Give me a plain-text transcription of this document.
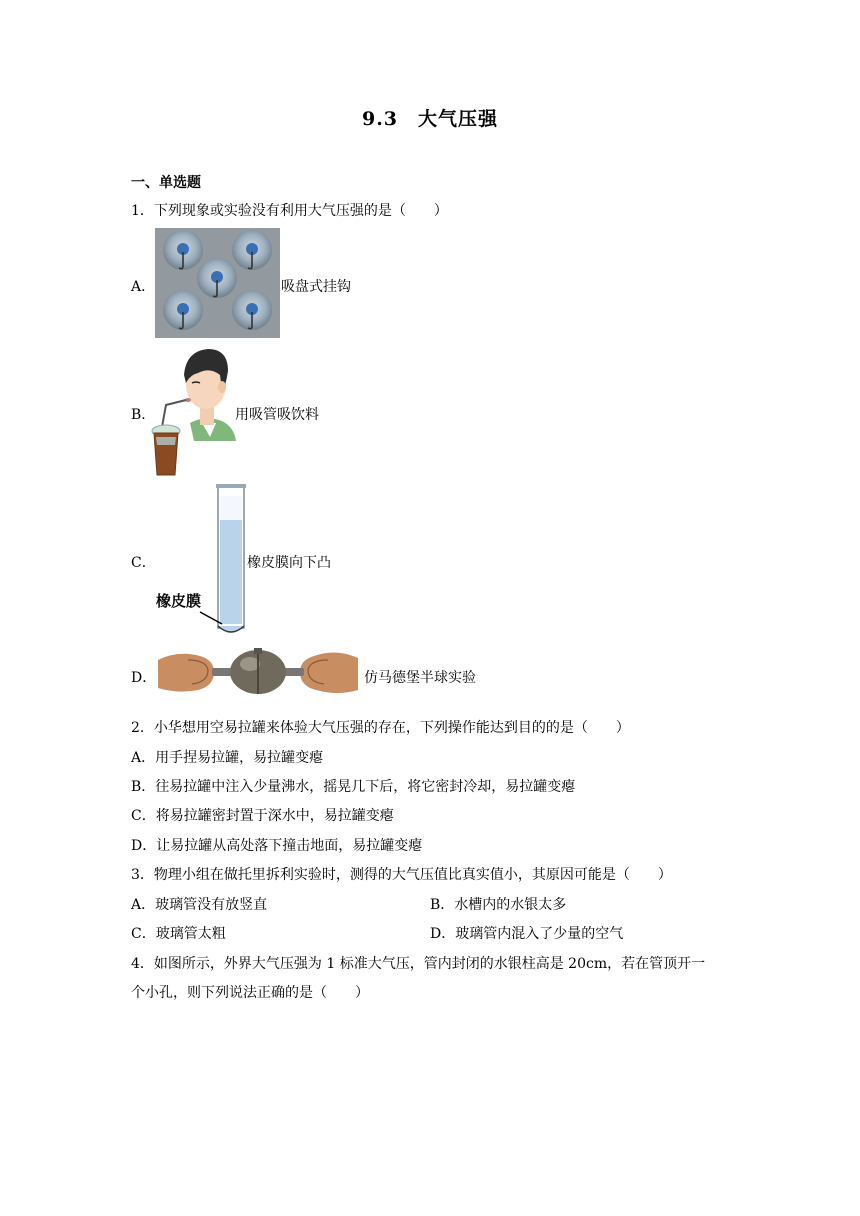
9.3　大气压强
一、单选题
1．下列现象或实验没有利用大气压强的是（　　）
A．	吸盘式挂钩
B．	用吸管吸饮料
C．
橡皮膜
橡皮膜向下凸
D．	仿马德堡半球实验
2．小华想用空易拉罐来体验大气压强的存在，下列操作能达到目的的是（　　）
A．用手捏易拉罐，易拉罐变瘪
B．往易拉罐中注入少量沸水，摇晃几下后，将它密封冷却，易拉罐变瘪
C．将易拉罐密封置于深水中，易拉罐变瘪
D．让易拉罐从高处落下撞击地面，易拉罐变瘪
3．物理小组在做托里拆利实验时，测得的大气压值比真实值小，其原因可能是（　　）
A．玻璃管没有放竖直	B．水槽内的水银太多
C．玻璃管太粗	D．玻璃管内混入了少量的空气
4．如图所示，外界大气压强为 1 标准大气压，管内封闭的水银柱高是 20cm，若在管顶开一
个小孔，则下列说法正确的是（　　）
